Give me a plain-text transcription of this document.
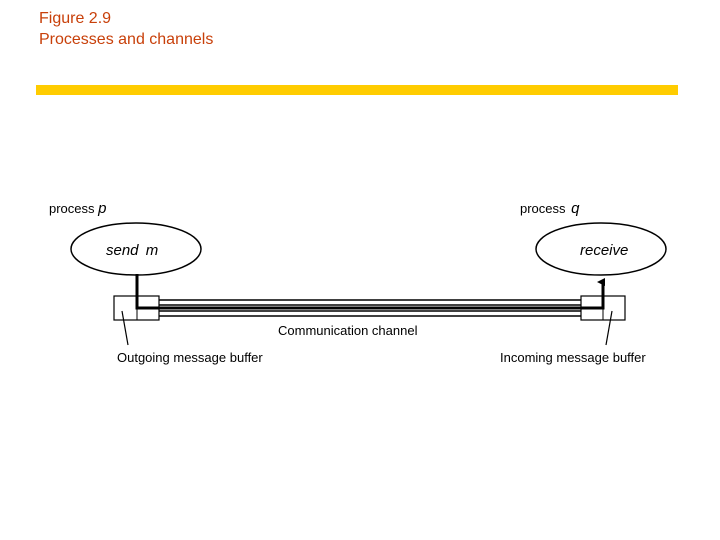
Figure 2.9
Processes and channels
process p
send m
process q
receive
Communication channel
Outgoing message buffer	Incoming message buffer
